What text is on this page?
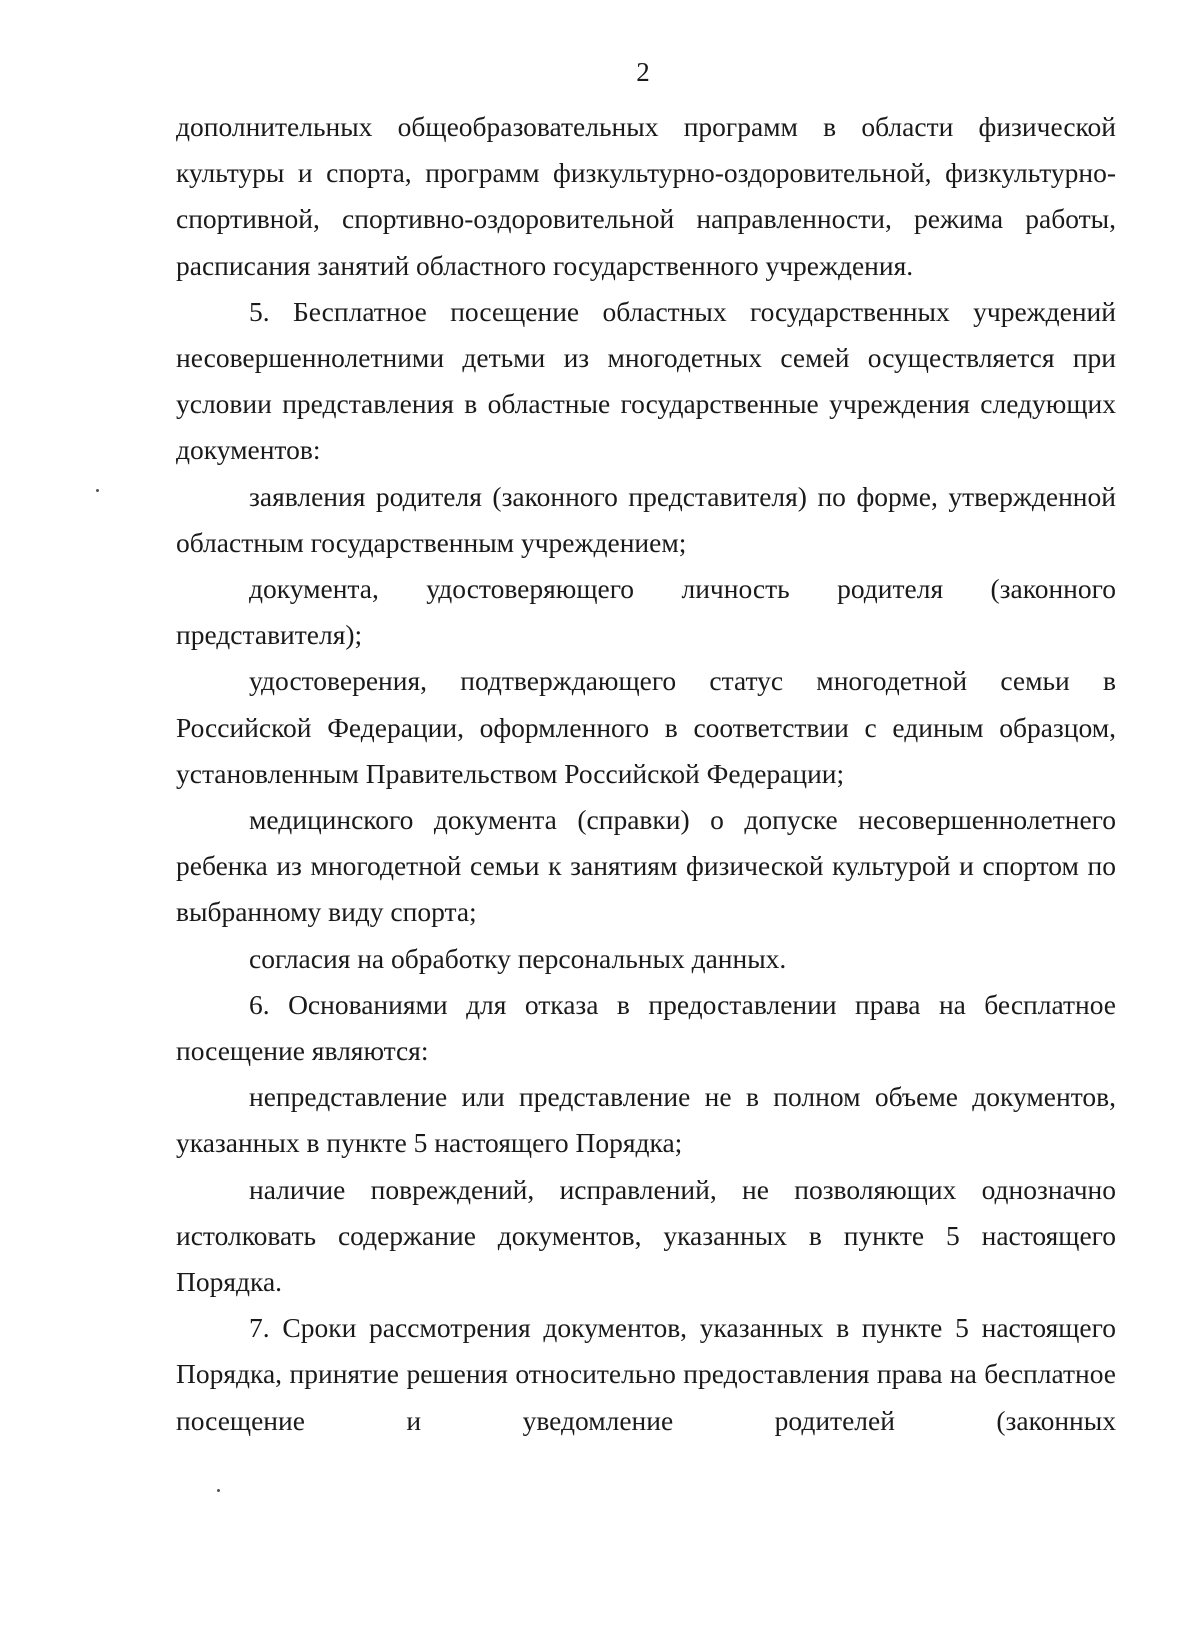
2

дополнительных общеобразовательных программ в области физической культуры и спорта, программ физкультурно-оздоровительной, физкультурно-спортивной, спортивно-оздоровительной направленности, режима работы, расписания занятий областного государственного учреждения.

5. Бесплатное посещение областных государственных учреждений несовершеннолетними детьми из многодетных семей осуществляется при условии представления в областные государственные учреждения следующих документов:

заявления родителя (законного представителя) по форме, утвержденной областным государственным учреждением;

документа, удостоверяющего личность родителя (законного представителя);

удостоверения, подтверждающего статус многодетной семьи в Российской Федерации, оформленного в соответствии с единым образцом, установленным Правительством Российской Федерации;

медицинского документа (справки) о допуске несовершеннолетнего ребенка из многодетной семьи к занятиям физической культурой и спортом по выбранному виду спорта;

согласия на обработку персональных данных.

6. Основаниями для отказа в предоставлении права на бесплатное посещение являются:

непредставление или представление не в полном объеме документов, указанных в пункте 5 настоящего Порядка;

наличие повреждений, исправлений, не позволяющих однозначно истолковать содержание документов, указанных в пункте 5 настоящего Порядка.

7. Сроки рассмотрения документов, указанных в пункте 5 настоящего Порядка, принятие решения относительно предоставления права на бесплатное посещение и уведомление родителей (законных
